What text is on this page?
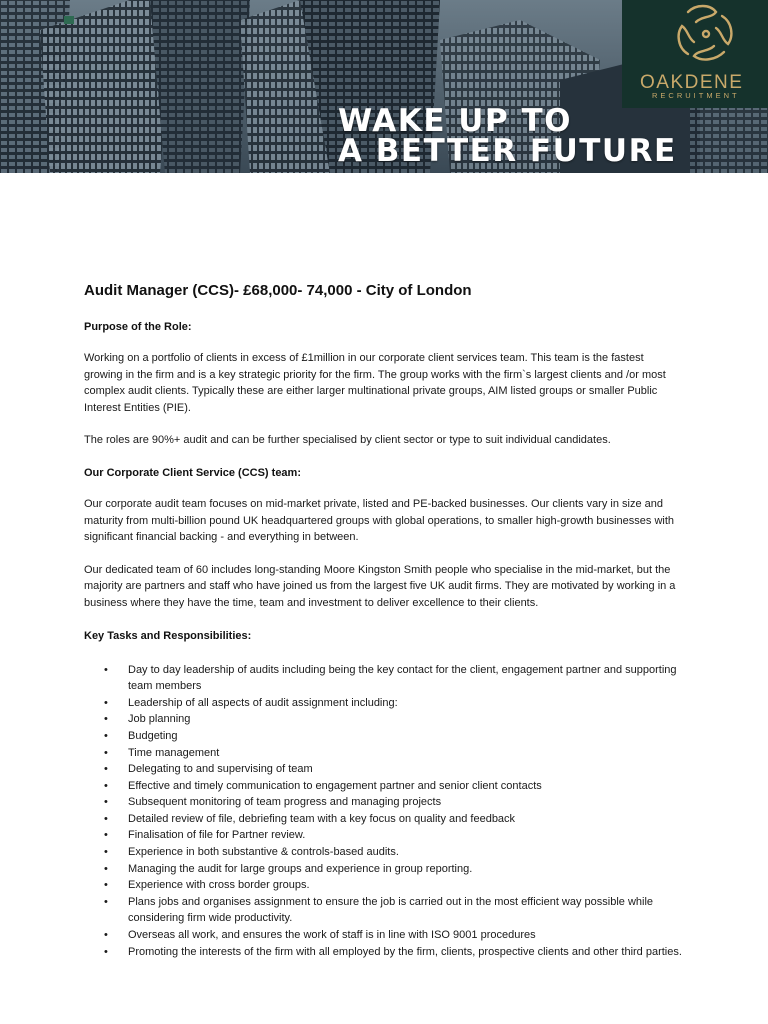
OAKDENE
RECRUITMENT
WAKE UP TO
A BETTER FUTURE
Audit Manager (CCS)- £68,000- 74,000 - City of London
Purpose of the Role:

Working on a portfolio of clients in excess of £1million in our corporate client services team. This team is the fastest growing in the firm and is a key strategic priority for the firm. The group works with the firm`s largest clients and /or most complex audit clients. Typically these are either larger multinational private groups, AIM listed groups or smaller Public Interest Entities (PIE).

The roles are 90%+ audit and can be further specialised by client sector or type to suit individual candidates.

Our Corporate Client Service (CCS) team:

Our corporate audit team focuses on mid-market private, listed and PE-backed businesses. Our clients vary in size and maturity from multi-billion pound UK headquartered groups with global operations, to smaller high-growth businesses with significant financial backing - and everything in between.

Our dedicated team of 60 includes long-standing Moore Kingston Smith people who specialise in the mid-market, but the majority are partners and staff who have joined us from the largest five UK audit firms. They are motivated by working in a business where they have the time, team and investment to deliver excellence to their clients.

Key Tasks and Responsibilities:
• Day to day leadership of audits including being the key contact for the client, engagement partner and supporting team members
• Leadership of all aspects of audit assignment including:
• Job planning
• Budgeting
• Time management
• Delegating to and supervising of team
• Effective and timely communication to engagement partner and senior client contacts
• Subsequent monitoring of team progress and managing projects
• Detailed review of file, debriefing team with a key focus on quality and feedback
• Finalisation of file for Partner review.
• Experience in both substantive & controls-based audits.
• Managing the audit for large groups and experience in group reporting.
• Experience with cross border groups.
• Plans jobs and organises assignment to ensure the job is carried out in the most efficient way possible while considering firm wide productivity.
• Overseas all work, and ensures the work of staff is in line with ISO 9001 procedures
• Promoting the interests of the firm with all employed by the firm, clients, prospective clients and other third parties.
